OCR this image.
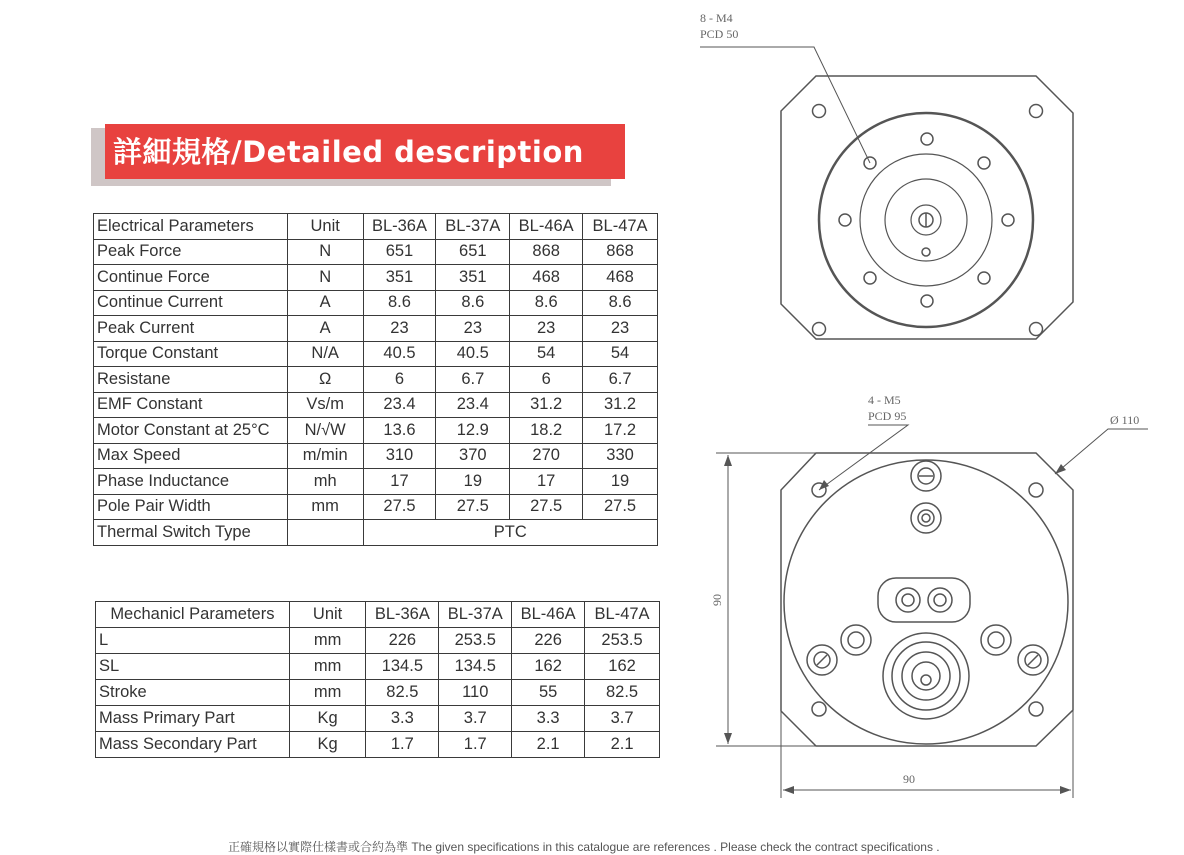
詳細規格/Detailed description
Electrical Parameters	Unit	BL-36A	BL-37A	BL-46A	BL-47A
Peak Force	N	651	651	868	868
Continue Force	N	351	351	468	468
Continue Current	A	8.6	8.6	8.6	8.6
Peak Current	A	23	23	23	23
Torque Constant	N/A	40.5	40.5	54	54
Resistane	Ω	6	6.7	6	6.7
EMF Constant	Vs/m	23.4	23.4	31.2	31.2
Motor Constant at 25°C	N/√W	13.6	12.9	18.2	17.2
Max Speed	m/min	310	370	270	330
Phase Inductance	mh	17	19	17	19
Pole Pair Width	mm	27.5	27.5	27.5	27.5
Thermal Switch Type		PTC			
Mechanicl Parameters	Unit	BL-36A	BL-37A	BL-46A	BL-47A
L	mm	226	253.5	226	253.5
SL	mm	134.5	134.5	162	162
Stroke	mm	82.5	110	55	82.5
Mass Primary Part	Kg	3.3	3.7	3.3	3.7
Mass Secondary Part	Kg	1.7	1.7	2.1	2.1
8 - M4
PCD 50
4 - M5
PCD 95	Ø 110
90
90
正確規格以實際仕樣書或合約為準 The given specifications in this catalogue are references . Please check the contract specifications .
